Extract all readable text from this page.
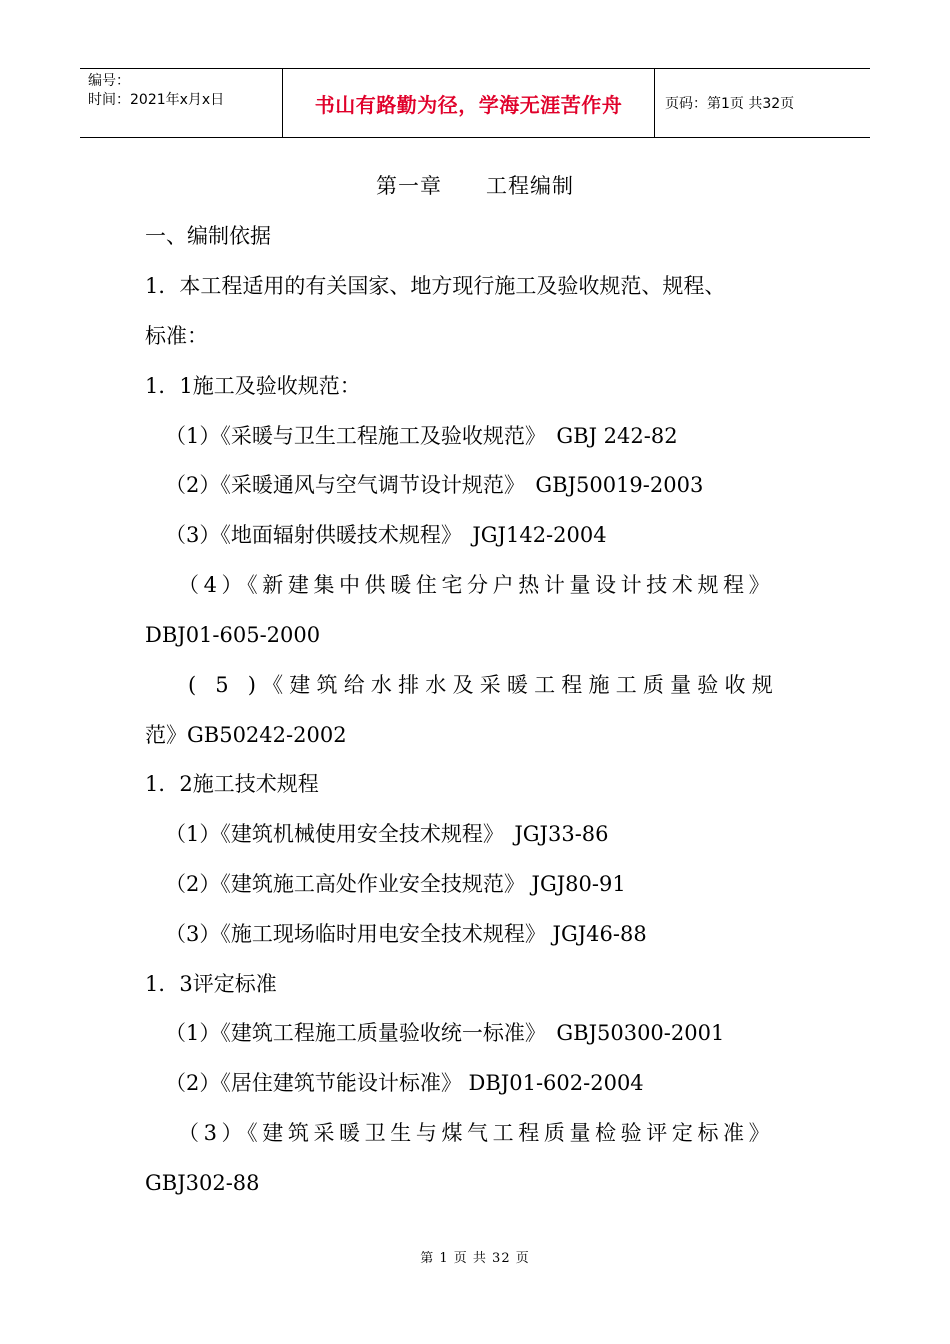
编号：
时间：2021年x月x日	书山有路勤为径，学海无涯苦作舟	页码：第1页 共32页
第一章　　工程编制
一、编制依据
1．本工程适用的有关国家、地方现行施工及验收规范、规程、
标准：
1．1施工及验收规范：
（1）《采暖与卫生工程施工及验收规范》　GBJ 242-82
（2）《采暖通风与空气调节设计规范》　GBJ50019-2003
（3）《地面辐射供暖技术规程》　JGJ142-2004
（4）《新建集中供暖住宅分户热计量设计技术规程》
DBJ01-605-2000
( 5 )《建筑给水排水及采暖工程施工质量验收规
范》GB50242-2002
1．2施工技术规程
（1）《建筑机械使用安全技术规程》　JGJ33-86
（2）《建筑施工高处作业安全技规范》 JGJ80-91
（3）《施工现场临时用电安全技术规程》 JGJ46-88
1．3评定标准
（1）《建筑工程施工质量验收统一标准》　GBJ50300-2001
（2）《居住建筑节能设计标准》 DBJ01-602-2004
（3）《建筑采暖卫生与煤气工程质量检验评定标准》
GBJ302-88
第 1 页 共 32 页
